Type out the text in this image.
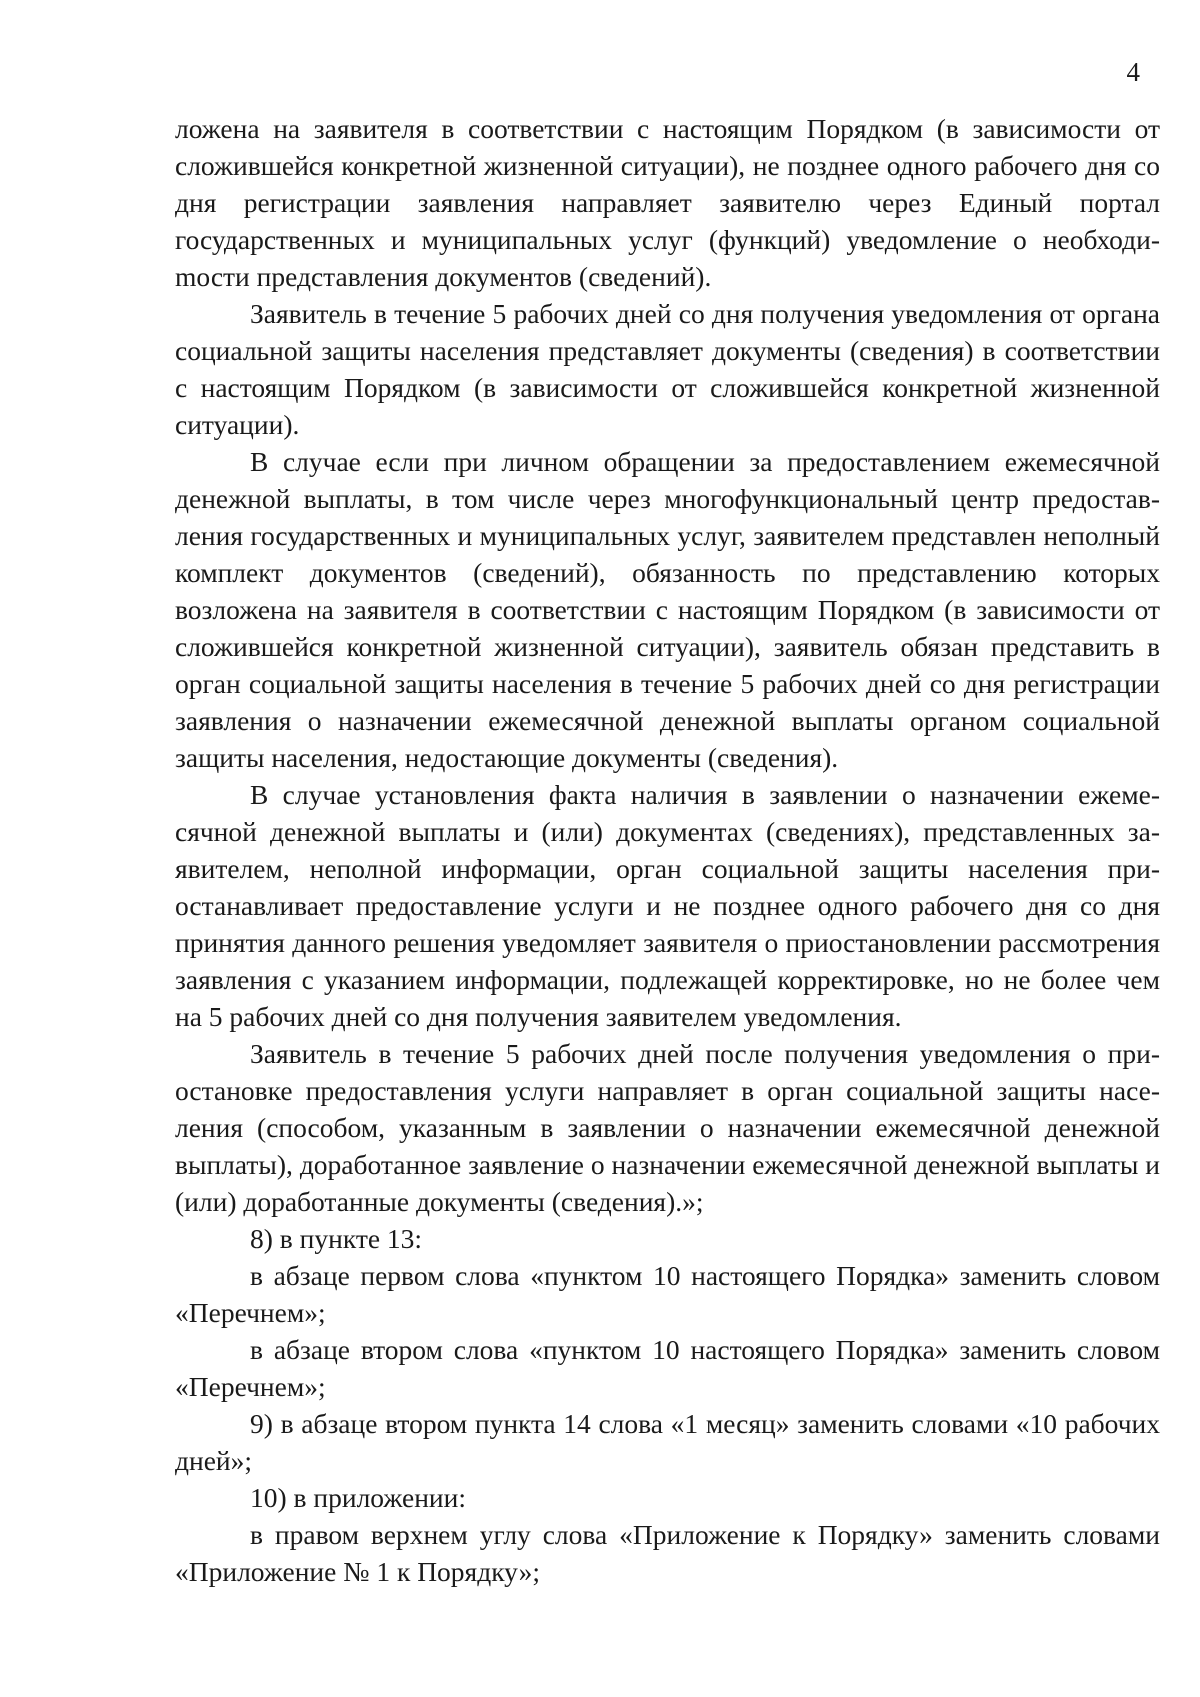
4

ложена на заявителя в соответствии с настоящим Порядком (в зависимости от сложившейся конкретной жизненной ситуации), не позднее одного рабочего дня со дня регистрации заявления направляет заявителю через Единый портал государственных и муниципальных услуг (функций) уведомление о необходиmости представления документов (сведений).

Заявитель в течение 5 рабочих дней со дня получения уведомления от органа социальной защиты населения представляет документы (сведения) в соответствии с настоящим Порядком (в зависимости от сложившейся конкретной жизненной ситуации).

В случае если при личном обращении за предоставлением ежемесячной денежной выплаты, в том числе через многофункциональный центр предоставления государственных и муниципальных услуг, заявителем представлен неполный комплект документов (сведений), обязанность по представлению которых возложена на заявителя в соответствии с настоящим Порядком (в зависимости от сложившейся конкретной жизненной ситуации), заявитель обязан представить в орган социальной защиты населения в течение 5 рабочих дней со дня регистрации заявления о назначении ежемесячной денежной выплаты органом социальной защиты населения, недостающие документы (сведения).

В случае установления факта наличия в заявлении о назначении ежемесячной денежной выплаты и (или) документах (сведениях), представленных заявителем, неполной информации, орган социальной защиты населения приостанавливает предоставление услуги и не позднее одного рабочего дня со дня принятия данного решения уведомляет заявителя о приостановлении рассмотрения заявления с указанием информации, подлежащей корректировке, но не более чем на 5 рабочих дней со дня получения заявителем уведомления.

Заявитель в течение 5 рабочих дней после получения уведомления о приостановке предоставления услуги направляет в орган социальной защиты населения (способом, указанным в заявлении о назначении ежемесячной денежной выплаты), доработанное заявление о назначении ежемесячной денежной выплаты и (или) доработанные документы (сведения).»;

8) в пункте 13:

в абзаце первом слова «пунктом 10 настоящего Порядка» заменить словом «Перечнем»;

в абзаце втором слова «пунктом 10 настоящего Порядка» заменить словом «Перечнем»;

9) в абзаце втором пункта 14 слова «1 месяц» заменить словами «10 рабочих дней»;

10) в приложении:

в правом верхнем углу слова «Приложение к Порядку» заменить словами «Приложение № 1 к Порядку»;
